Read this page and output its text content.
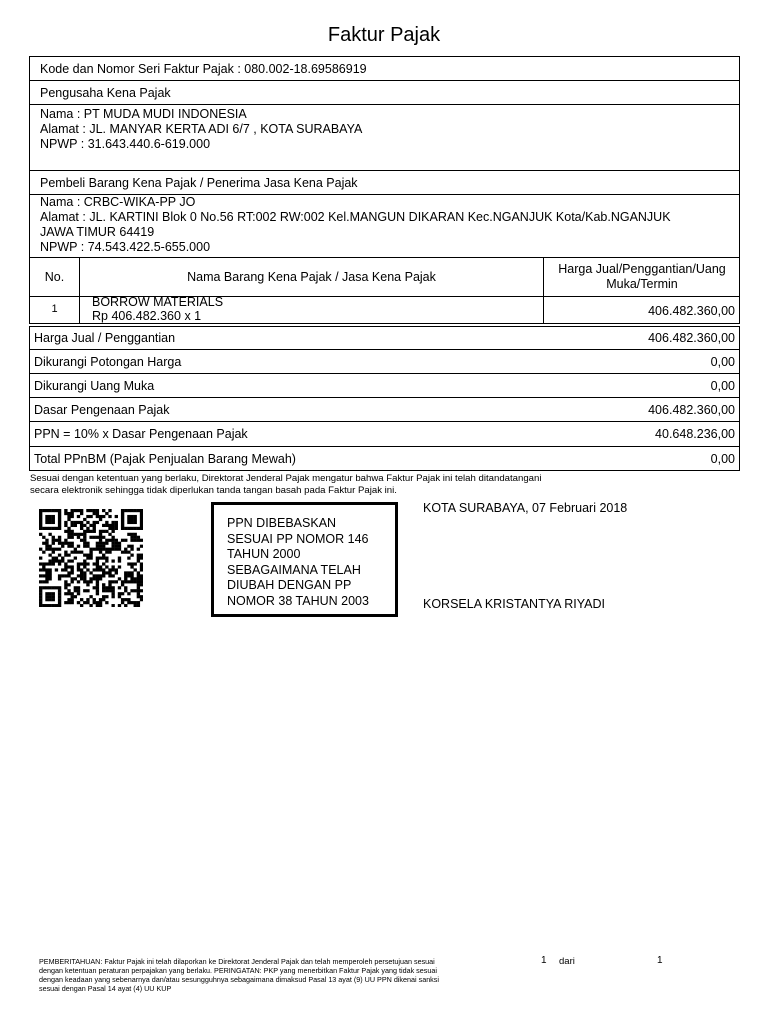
Faktur Pajak
Kode dan Nomor Seri Faktur Pajak : 080.002-18.69586919
Pengusaha Kena Pajak
Nama : PT MUDA MUDI INDONESIA
Alamat : JL. MANYAR KERTA ADI 6/7 , KOTA SURABAYA
NPWP : 31.643.440.6-619.000
Pembeli Barang Kena Pajak / Penerima Jasa Kena Pajak
Nama : CRBC-WIKA-PP JO
Alamat : JL. KARTINI Blok 0 No.56 RT:002 RW:002 Kel.MANGUN DIKARAN Kec.NGANJUK Kota/Kab.NGANJUK
JAWA TIMUR 64419
NPWP : 74.543.422.5-655.000
No.	Nama Barang Kena Pajak / Jasa Kena Pajak
Harga Jual/Penggantian/Uang
Muka/Termin
1	BORROW MATERIALS
Rp 406.482.360 x 1	406.482.360,00
Harga Jual / Penggantian	406.482.360,00
Dikurangi Potongan Harga	0,00
Dikurangi Uang Muka	0,00
Dasar Pengenaan Pajak	406.482.360,00
PPN = 10% x Dasar Pengenaan Pajak	40.648.236,00
Total PPnBM (Pajak Penjualan Barang Mewah)	0,00
Sesuai dengan ketentuan yang berlaku, Direktorat Jenderal Pajak mengatur bahwa Faktur Pajak ini telah ditandatangani
secara elektronik sehingga tidak diperlukan tanda tangan basah pada Faktur Pajak ini.
PPN DIBEBASKAN
SESUAI PP NOMOR 146
TAHUN 2000
SEBAGAIMANA TELAH
DIUBAH DENGAN PP
NOMOR 38 TAHUN 2003
KOTA SURABAYA, 07 Februari 2018
KORSELA KRISTANTYA RIYADI
PEMBERITAHUAN: Faktur Pajak ini telah dilaporkan ke Direktorat Jenderal Pajak dan telah memperoleh persetujuan sesuai
dengan ketentuan peraturan perpajakan yang berlaku. PERINGATAN: PKP yang menerbitkan Faktur Pajak yang tidak sesuai
dengan keadaan yang sebenarnya dan/atau sesungguhnya sebagaimana dimaksud Pasal 13 ayat (9) UU PPN dikenai sanksi
sesuai dengan Pasal 14 ayat (4) UU KUP
1 dari	1
